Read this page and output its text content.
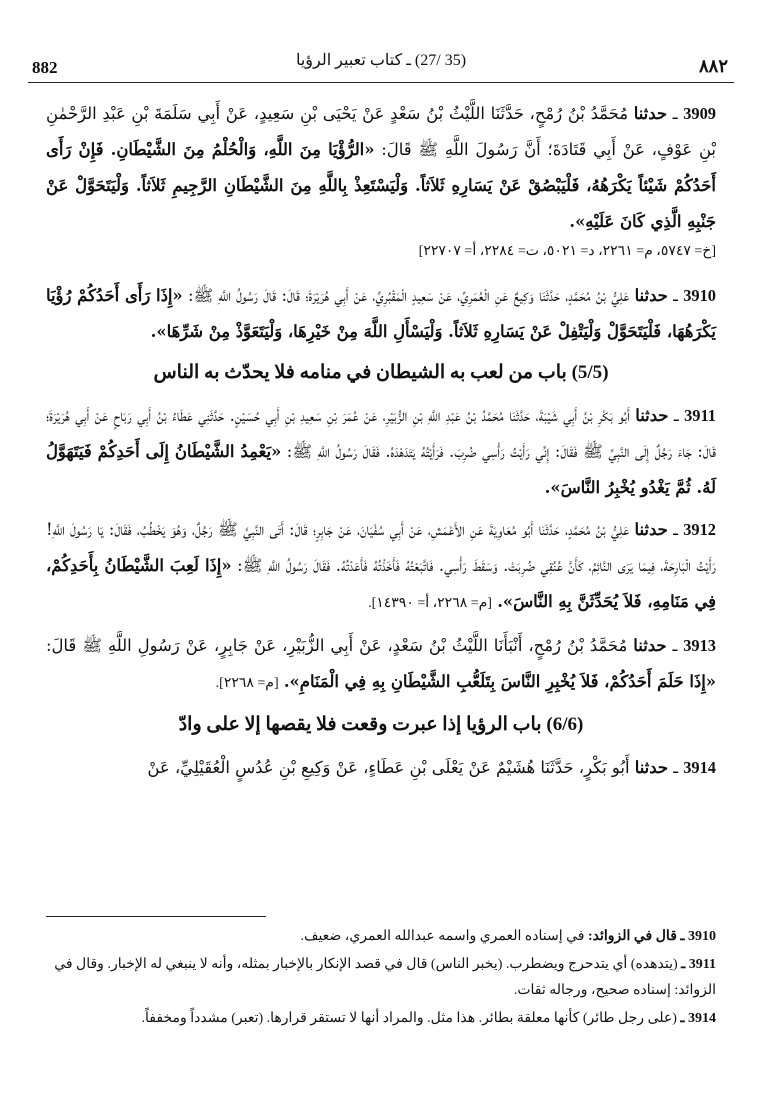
882	(35 /27) ـ كتاب تعبير الرؤيا	٨٨٢

3909 ـ حدثنا مُحَمَّدُ بْنُ رُمْحٍ، حَدَّثَنَا اللَّيْثُ بْنُ سَعْدٍ عَنْ يَحْيَى بْنِ سَعِيدٍ، عَنْ أَبِي سَلَمَةَ بْنِ عَبْدِ الرَّحْمٰنِ بْنِ عَوْفٍ، عَنْ أَبِي قَتَادَةَ؛ أَنَّ رَسُولَ اللَّهِ ﷺ قَالَ: «الرُّؤْيَا مِنَ اللَّهِ، وَالْحُلْمُ مِنَ الشَّيْطَانِ. فَإِنْ رَأَى أَحَدُكُمْ شَيْئاً يَكْرَهُهُ، فَلْيَبْصُقْ عَنْ يَسَارِهِ ثَلاَثاً. وَلْيَسْتَعِذْ بِاللَّهِ مِنَ الشَّيْطَانِ الرَّجِيمِ ثَلاَثاً. وَلْيَتَحَوَّلْ عَنْ جَنْبِهِ الَّذِي كَانَ عَلَيْهِ».

[خ= ٥٧٤٧، م= ٢٢٦١، د= ٥٠٢١، ت= ٢٢٨٤، أ= ٢٢٧٠٧]

3910 ـ حدثنا عَلِيُّ بْنُ مُحَمَّدٍ، حَدَّثَنَا وَكِيعٌ عَنِ الْعُمَرِيِّ، عَنْ سَعِيدٍ الْمَقْبُرِيِّ، عَنْ أَبِي هُرَيْرَةَ؛ قَالَ: قَالَ رَسُولُ اللَّهِ ﷺ: «إِذَا رَأَى أَحَدُكُمْ رُؤْيَا يَكْرَهُهَا، فَلْيَتَحَوَّلْ وَلْيَتْفِلْ عَنْ يَسَارِهِ ثَلاَثاً. وَلْيَسْأَلِ اللَّهَ مِنْ خَيْرِهَا، وَلْيَتَعَوَّذْ مِنْ شَرِّهَا».

(5/5) باب من لعب به الشيطان في منامه فلا يحدّث به الناس

3911 ـ حدثنا أَبُو بَكْرِ بْنُ أَبِي شَيْبَةَ، حَدَّثَنَا مُحَمَّدُ بْنُ عَبْدِ اللَّهِ بْنِ الزُّبَيْرِ، عَنْ عُمَرَ بْنِ سَعِيدِ بْنِ أَبِي حُسَيْنٍ. حَدَّثَنِي عَطَاءُ بْنُ أَبِي رَبَاحٍ عَنْ أَبِي هُرَيْرَةَ؛ قَالَ: جَاءَ رَجُلٌ إِلَى النَّبِيِّ ﷺ فَقَالَ: إِنِّي رَأَيْتُ رَأْسِي ضُرِبَ. فَرَأَيْتُهُ يَتَدَهْدَهُ. فَقَالَ رَسُولُ اللَّهِ ﷺ: «يَعْمِدُ الشَّيْطَانُ إِلَى أَحَدِكُمْ فَيَتَهَوَّلُ لَهُ. ثُمَّ يَغْدُو يُخْبِرُ النَّاسَ».

3912 ـ حدثنا عَلِيُّ بْنُ مُحَمَّدٍ، حَدَّثَنَا أَبُو مُعَاوِيَةَ عَنِ الأَعْمَشِ، عَنْ أَبِي سُفْيَانَ، عَنْ جَابِرٍ؛ قَالَ: أَتَى النَّبِيَّ ﷺ رَجُلٌ، وَهُوَ يَخْطُبُ، فَقَالَ: يَا رَسُولَ اللَّهِ! رَأَيْتُ الْبَارِحَةَ، فِيمَا يَرَى النَّائِمُ، كَأَنَّ عُنُقِي ضُرِبَتْ. وَسَقَطَ رَأْسِي. فَاتَّبَعْتُهُ فَأَخَذْتُهُ فَأَعَدْتُهُ. فَقَالَ رَسُولُ اللَّهِ ﷺ: «إِذَا لَعِبَ الشَّيْطَانُ بِأَحَدِكُمْ، فِي مَنَامِهِ، فَلاَ يُحَدِّثَنَّ بِهِ النَّاسَ». [م= ٢٢٦٨، أ= ١٤٣٩٠].

3913 ـ حدثنا مُحَمَّدُ بْنُ رُمْحٍ، أَنْبَأَنَا اللَّيْثُ بْنُ سَعْدٍ، عَنْ أَبِي الزُّبَيْرِ، عَنْ جَابِرٍ، عَنْ رَسُولِ اللَّهِ ﷺ قَالَ: «إِذَا حَلَمَ أَحَدُكُمْ، فَلاَ يُخْبِرِ النَّاسَ بِتَلَعُّبِ الشَّيْطَانِ بِهِ فِي الْمَنَامِ». [م= ٢٢٦٨].

(6/6) باب الرؤيا إذا عبرت وقعت فلا يقصها إلا على وادّ

3914 ـ حدثنا أَبُو بَكْرٍ، حَدَّثَنَا هُشَيْمٌ عَنْ يَعْلَى بْنِ عَطَاءٍ، عَنْ وَكِيعِ بْنِ عُدُسٍ الْعُقَيْلِيِّ، عَنْ

3910 ـ قال في الزوائد: في إسناده العمري واسمه عبدالله العمري، ضعيف.

3911 ـ (يتدهده) أي يتدحرج ويضطرب. (يخبر الناس) قال في قصد الإنكار بالإخبار بمثله، وأنه لا ينبغي له الإخبار. وقال في الزوائد: إسناده صحيح، ورجاله ثقات.

3914 ـ (على رجل طائر) كأنها معلقة بطائر. هذا مثل. والمراد أنها لا تستقر قرارها. (تعبر) مشدداً ومخففاً.
